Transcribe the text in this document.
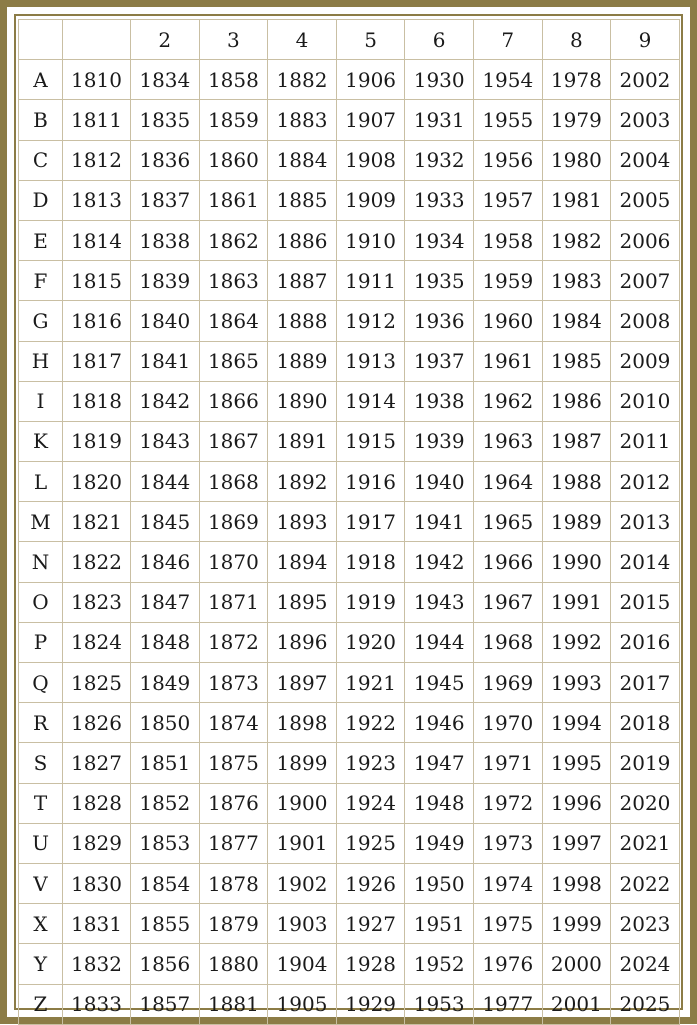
		2	3	4	5	6	7	8	9
A	1810	1834	1858	1882	1906	1930	1954	1978	2002
B	1811	1835	1859	1883	1907	1931	1955	1979	2003
C	1812	1836	1860	1884	1908	1932	1956	1980	2004
D	1813	1837	1861	1885	1909	1933	1957	1981	2005
E	1814	1838	1862	1886	1910	1934	1958	1982	2006
F	1815	1839	1863	1887	1911	1935	1959	1983	2007
G	1816	1840	1864	1888	1912	1936	1960	1984	2008
H	1817	1841	1865	1889	1913	1937	1961	1985	2009
I	1818	1842	1866	1890	1914	1938	1962	1986	2010
K	1819	1843	1867	1891	1915	1939	1963	1987	2011
L	1820	1844	1868	1892	1916	1940	1964	1988	2012
M	1821	1845	1869	1893	1917	1941	1965	1989	2013
N	1822	1846	1870	1894	1918	1942	1966	1990	2014
O	1823	1847	1871	1895	1919	1943	1967	1991	2015
P	1824	1848	1872	1896	1920	1944	1968	1992	2016
Q	1825	1849	1873	1897	1921	1945	1969	1993	2017
R	1826	1850	1874	1898	1922	1946	1970	1994	2018
S	1827	1851	1875	1899	1923	1947	1971	1995	2019
T	1828	1852	1876	1900	1924	1948	1972	1996	2020
U	1829	1853	1877	1901	1925	1949	1973	1997	2021
V	1830	1854	1878	1902	1926	1950	1974	1998	2022
X	1831	1855	1879	1903	1927	1951	1975	1999	2023
Y	1832	1856	1880	1904	1928	1952	1976	2000	2024
Z	1833	1857	1881	1905	1929	1953	1977	2001	2025
